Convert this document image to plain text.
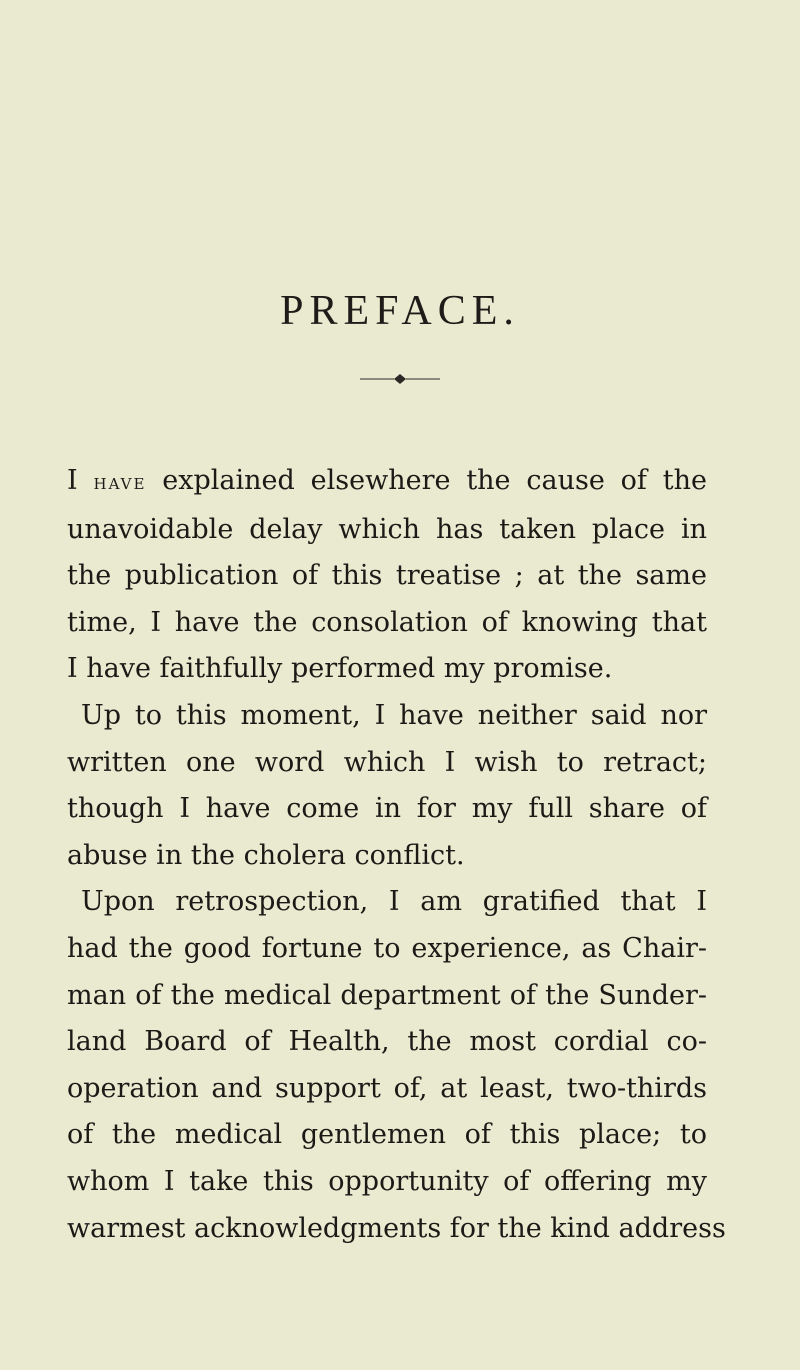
PREFACE.

I have explained elsewhere the cause of the
unavoidable delay which has taken place in
the publication of this treatise ; at the same
time, I have the consolation of knowing that
I have faithfully performed my promise.

Up to this moment, I have neither said nor
written one word which I wish to retract;
though I have come in for my full share of
abuse in the cholera conflict.

Upon retrospection, I am gratified that I
had the good fortune to experience, as Chair-
man of the medical department of the Sunder-
land Board of Health, the most cordial co-
operation and support of, at least, two-thirds
of the medical gentlemen of this place; to
whom I take this opportunity of offering my
warmest acknowledgments for the kind address
